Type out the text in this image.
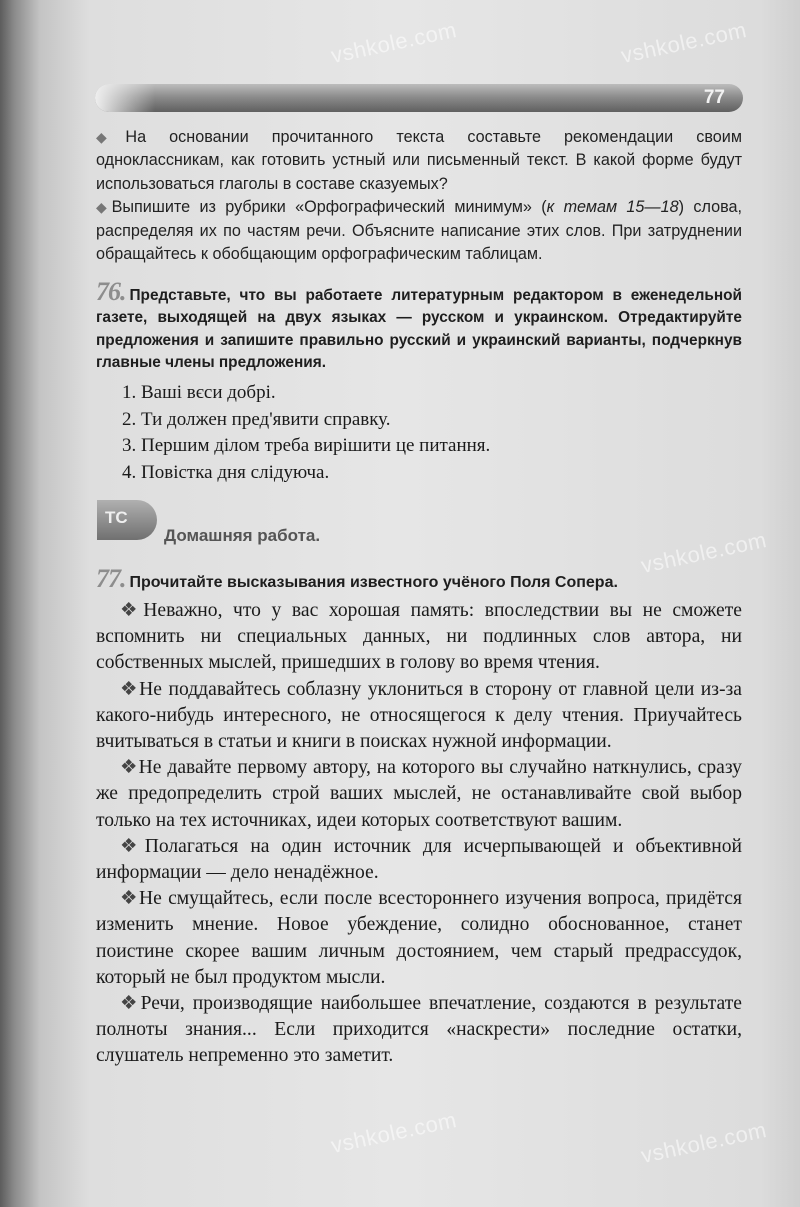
vshkole.com	vshkole.com
vshkole.com
vshkole.com	vshkole.com
77

◆На основании прочитанного текста составьте рекомендации своим одноклассникам, как готовить устный или письменный текст. В какой форме будут использоваться глаголы в составе сказуемых?

◆Выпишите из рубрики «Орфографический минимум» (к темам 15—18) слова, распределяя их по частям речи. Объясните написание этих слов. При затруднении обращайтесь к обобщающим орфографическим таблицам.

76. Представьте, что вы работаете литературным редактором в еженедельной газете, выходящей на двух языках — русском и украинском. Отредактируйте предложения и запишите правильно русский и украинский варианты, подчеркнув главные члены предложения.

1. Ваші вєси добрі.
2. Ти должен пред'явити справку.
3. Першим ділом треба вирішити це питання.
4. Повістка дня слідуюча.
ТС
Домашняя работа.
77. Прочитайте высказывания известного учёного Поля Сопера.

❖Неважно, что у вас хорошая память: впоследствии вы не сможете вспомнить ни специальных данных, ни подлинных слов автора, ни собственных мыслей, пришедших в голову во время чтения.

❖Не поддавайтесь соблазну уклониться в сторону от главной цели из-за какого-нибудь интересного, не относящегося к делу чтения. Приучайтесь вчитываться в статьи и книги в поисках нужной информации.

❖Не давайте первому автору, на которого вы случайно наткнулись, сразу же предопределить строй ваших мыслей, не останавливайте свой выбор только на тех источниках, идеи которых соответствуют вашим.

❖Полагаться на один источник для исчерпывающей и объективной информации — дело ненадёжное.

❖Не смущайтесь, если после всестороннего изучения вопроса, придётся изменить мнение. Новое убеждение, солидно обоснованное, станет поистине скорее вашим личным достоянием, чем старый предрассудок, который не был продуктом мысли.

❖Речи, производящие наибольшее впечатление, создаются в результате полноты знания... Если приходится «наскрести» последние остатки, слушатель непременно это заметит.
